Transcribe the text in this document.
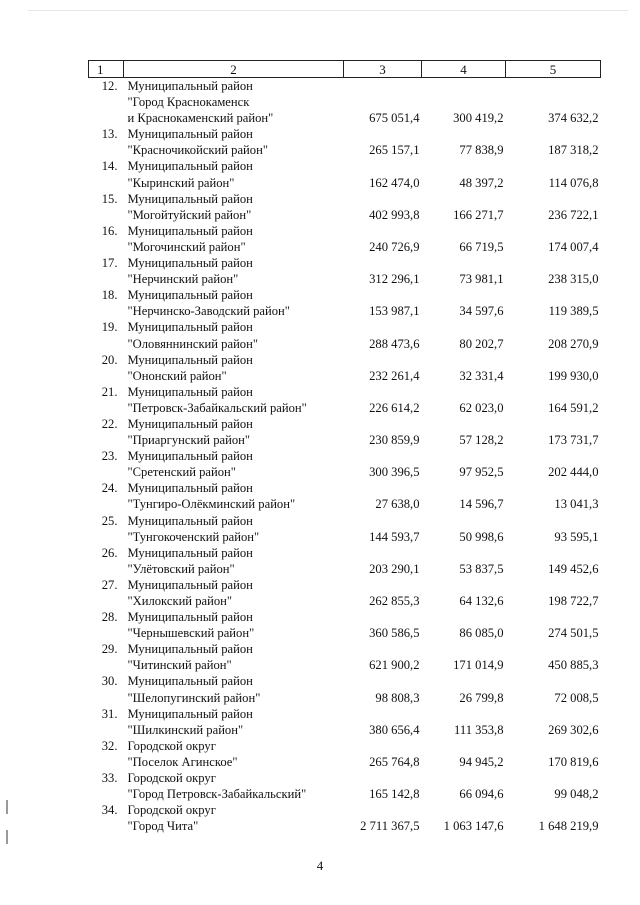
1	2	3	4	5
12.	Муниципальный район
"Город Краснокаменск
и Краснокаменский район"	675 051,4	300 419,2	374 632,2
13.	Муниципальный район
"Красночикойский район"	265 157,1	77 838,9	187 318,2
14.	Муниципальный район
"Кыринский район"	162 474,0	48 397,2	114 076,8
15.	Муниципальный район
"Могойтуйский район"	402 993,8	166 271,7	236 722,1
16.	Муниципальный район
"Могочинский район"	240 726,9	66 719,5	174 007,4
17.	Муниципальный район
"Нерчинский район"	312 296,1	73 981,1	238 315,0
18.	Муниципальный район
"Нерчинско-Заводский район"	153 987,1	34 597,6	119 389,5
19.	Муниципальный район
"Оловяннинский район"	288 473,6	80 202,7	208 270,9
20.	Муниципальный район
"Ононский район"	232 261,4	32 331,4	199 930,0
21.	Муниципальный район
"Петровск-Забайкальский район"	226 614,2	62 023,0	164 591,2
22.	Муниципальный район
"Приаргунский район"	230 859,9	57 128,2	173 731,7
23.	Муниципальный район
"Сретенский район"	300 396,5	97 952,5	202 444,0
24.	Муниципальный район
"Тунгиро-Олёкминский район"	27 638,0	14 596,7	13 041,3
25.	Муниципальный район
"Тунгокоченский район"	144 593,7	50 998,6	93 595,1
26.	Муниципальный район
"Улётовский район"	203 290,1	53 837,5	149 452,6
27.	Муниципальный район
"Хилокский район"	262 855,3	64 132,6	198 722,7
28.	Муниципальный район
"Чернышевский район"	360 586,5	86 085,0	274 501,5
29.	Муниципальный район
"Читинский район"	621 900,2	171 014,9	450 885,3
30.	Муниципальный район
"Шелопугинский район"	98 808,3	26 799,8	72 008,5
31.	Муниципальный район
"Шилкинский район"	380 656,4	111 353,8	269 302,6
32.	Городской округ
"Поселок Агинское"	265 764,8	94 945,2	170 819,6
33.	Городской округ
"Город Петровск-Забайкальский"	165 142,8	66 094,6	99 048,2
34.	Городской округ
"Город Чита"	2 711 367,5	1 063 147,6	1 648 219,9
4
